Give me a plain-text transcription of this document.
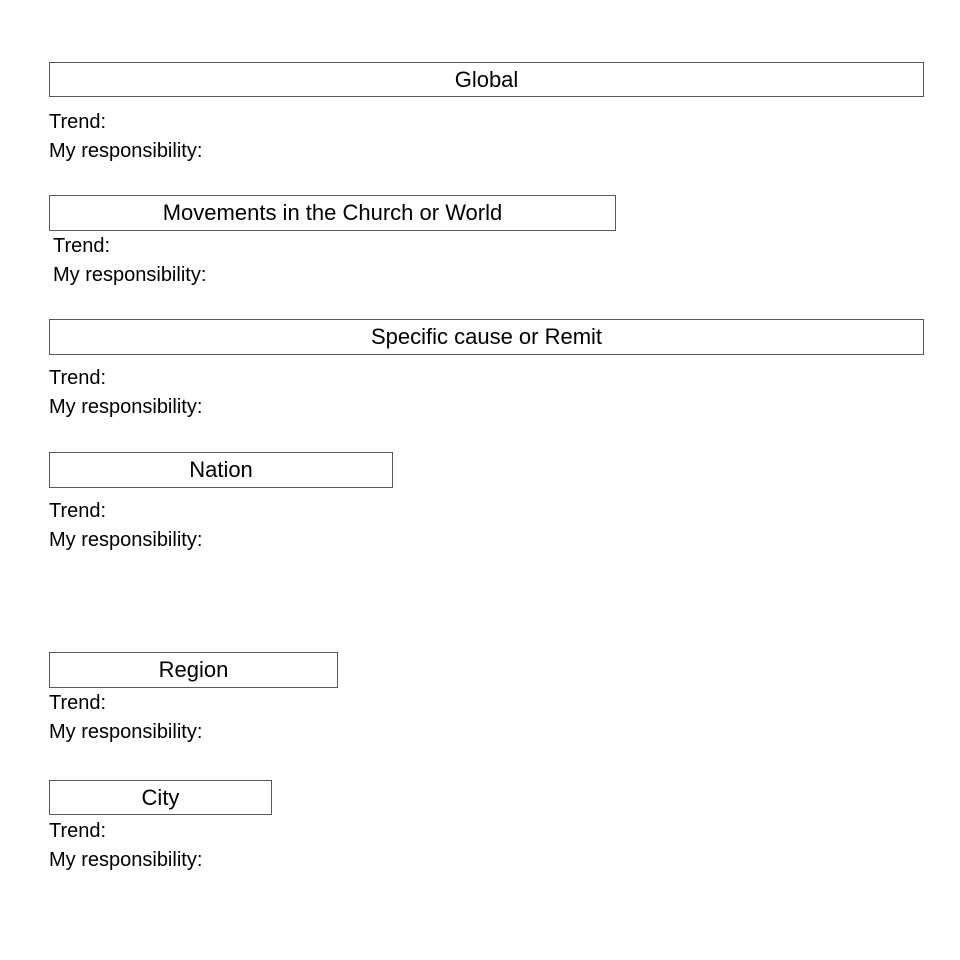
Global
Trend:
My responsibility:
Movements in the Church or World
Trend:
My responsibility:
Specific cause or Remit
Trend:
My responsibility:
Nation
Trend:
My responsibility:
Region
Trend:
My responsibility:
City
Trend:
My responsibility:
